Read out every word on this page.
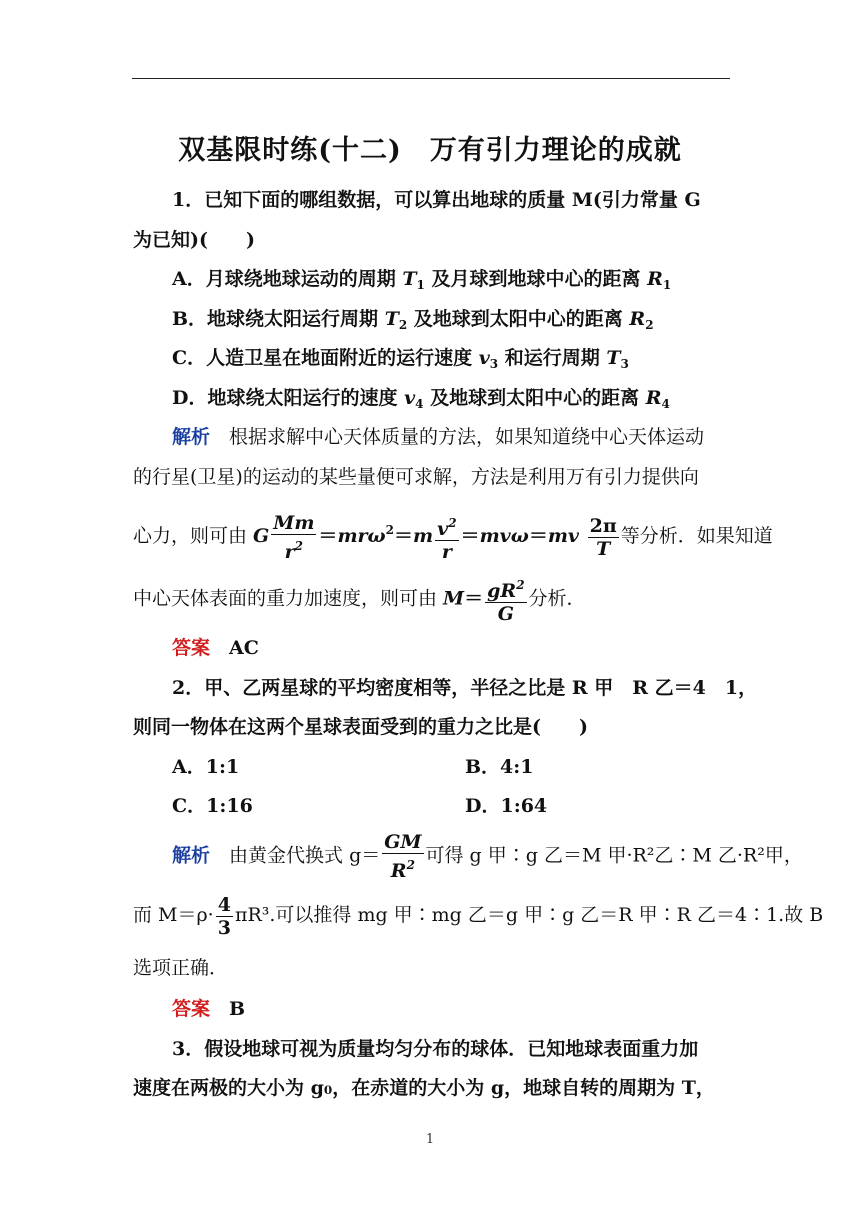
双基限时练(十二)　万有引力理论的成就
1．已知下面的哪组数据，可以算出地球的质量 M(引力常量 G
为已知)(　　)
A．月球绕地球运动的周期 $T_1$ 及月球到地球中心的距离 $R_1$
B．地球绕太阳运行周期 $T_2$ 及地球到太阳中心的距离 $R_2$
C．人造卫星在地面附近的运行速度 $v_3$ 和运行周期 $T_3$
D．地球绕太阳运行的速度 $v_4$ 及地球到太阳中心的距离 $R_4$
解析　 根据求解中心天体质量的方法，如果知道绕中心天体运动
的行星(卫星)的运动的某些量便可求解，方法是利用万有引力提供向
心力，则可由 G $\frac{Mm}{r^2} =mr\omega^2=m \frac{v^2}{r} =mv\omega=mv \frac{2\pi}{T}$ 等分析．如果知道
中心天体表面的重力加速度，则可由 $M= \frac{gR^2}{G}$ 分析．
答案　 AC
2．甲、乙两星球的平均密度相等，半径之比是 R 甲　R 乙＝4　1，
则同一物体在这两个星球表面受到的重力之比是(　　)
A．1:1	B．4:1
C．1:16	D．1:64
解析　 由黄金代换式 $g= \frac{GM}{R^2}$ 可得 g 甲∶g 乙＝M 甲·R²乙∶M 乙·R²甲，
而 $M=\rho\cdot \frac{4}{3} \pi R^3$.可以推得 mg 甲∶mg 乙＝g 甲∶g 乙＝R 甲∶R 乙＝4∶1.故 B
选项正确．
答案　 B
3．假设地球可视为质量均匀分布的球体．已知地球表面重力加
速度在两极的大小为 g₀，在赤道的大小为 g，地球自转的周期为 T，
1
